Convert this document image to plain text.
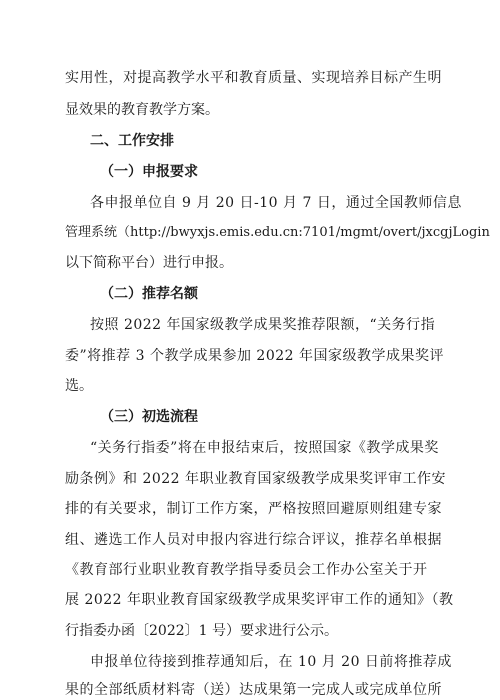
实用性，对提高教学水平和教育质量、实现培养目标产生明
显效果的教育教学方案。
二、工作安排
（一）申报要求
各申报单位自 9 月 20 日-10 月 7 日，通过全国教师信息
管理系统（http://bwyxjs.emis.edu.cn:7101/mgmt/overt/jxcgjLogin
以下简称平台）进行申报。
（二）推荐名额
按照 2022 年国家级教学成果奖推荐限额，“关务行指
委”将推荐 3 个教学成果参加 2022 年国家级教学成果奖评
选。
（三）初选流程
“关务行指委”将在申报结束后，按照国家《教学成果奖
励条例》和 2022 年职业教育国家级教学成果奖评审工作安
排的有关要求，制订工作方案，严格按照回避原则组建专家
组、遴选工作人员对申报内容进行综合评议，推荐名单根据
《教育部行业职业教育教学指导委员会工作办公室关于开
展 2022 年职业教育国家级教学成果奖评审工作的通知》（教
行指委办函〔2022〕1 号）要求进行公示。
申报单位待接到推荐通知后，在 10 月 20 日前将推荐成
果的全部纸质材料寄（送）达成果第一完成人或完成单位所
